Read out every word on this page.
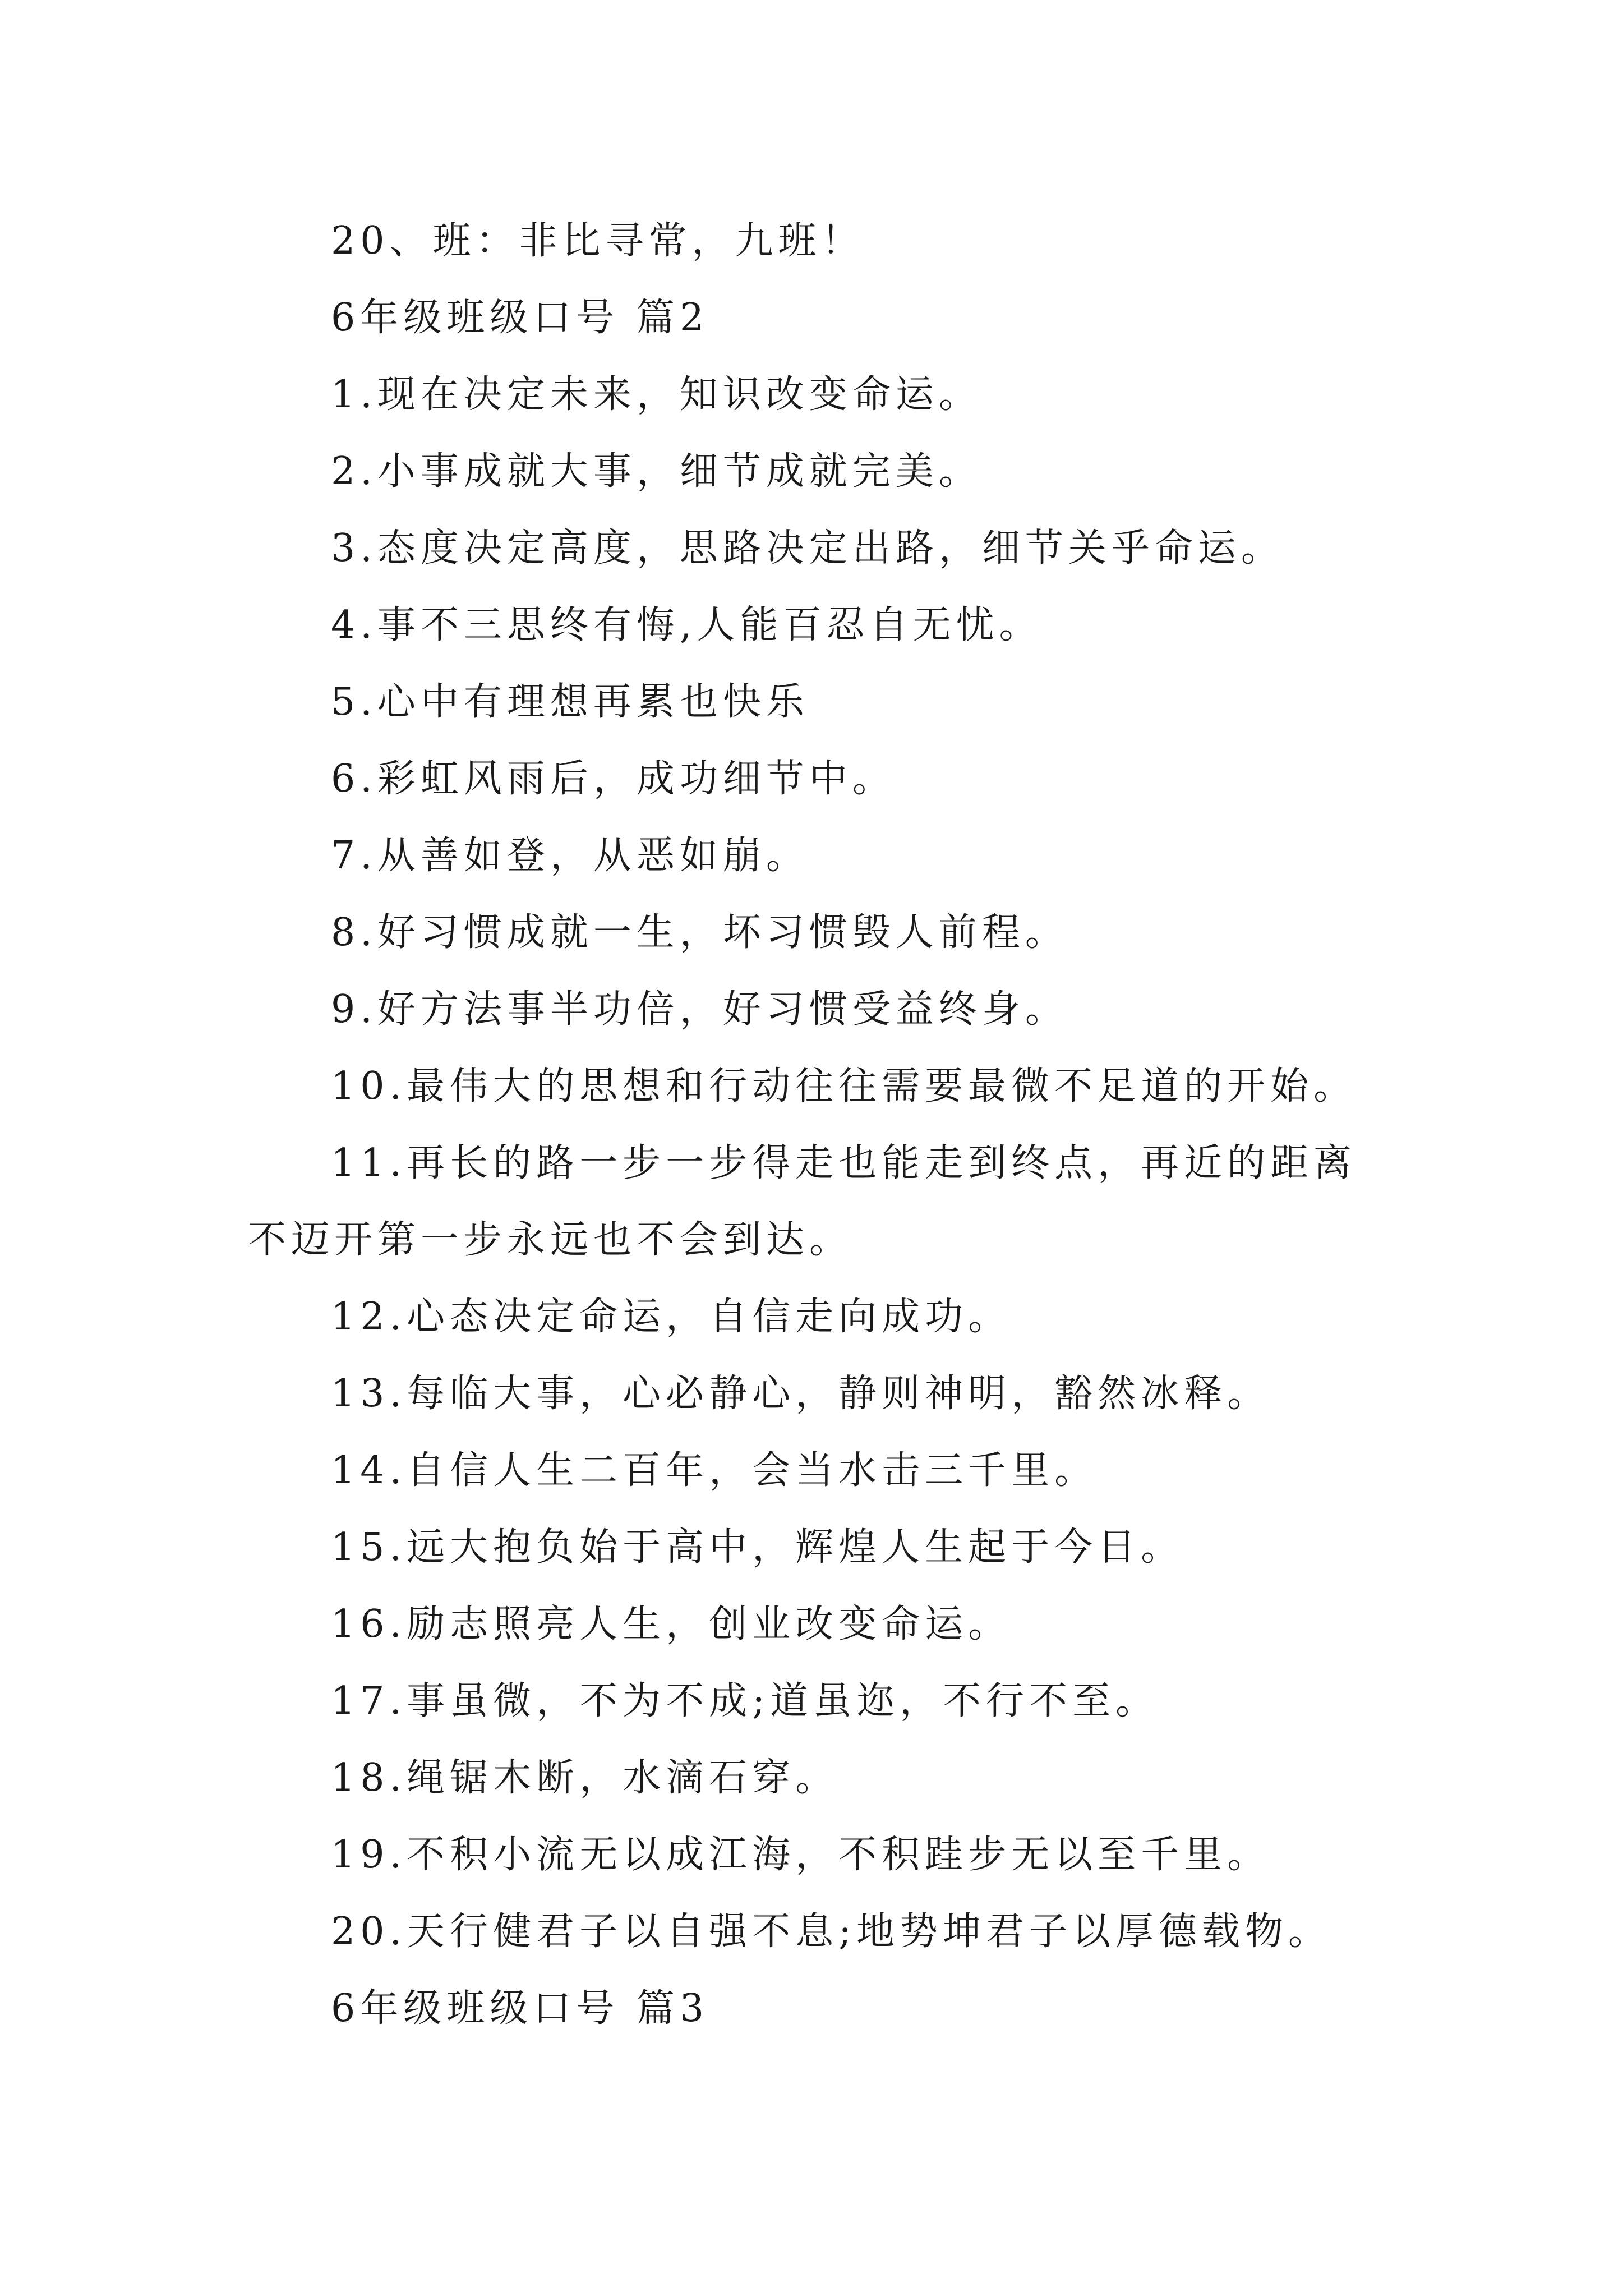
20、班：非比寻常，九班！
6年级班级口号 篇2
1.现在决定未来，知识改变命运。
2.小事成就大事，细节成就完美。
3.态度决定高度，思路决定出路，细节关乎命运。
4.事不三思终有悔,人能百忍自无忧。
5.心中有理想再累也快乐
6.彩虹风雨后，成功细节中。
7.从善如登，从恶如崩。
8.好习惯成就一生，坏习惯毁人前程。
9.好方法事半功倍，好习惯受益终身。
10.最伟大的思想和行动往往需要最微不足道的开始。
11.再长的路一步一步得走也能走到终点，再近的距离
不迈开第一步永远也不会到达。
12.心态决定命运，自信走向成功。
13.每临大事，心必静心，静则神明，豁然冰释。
14.自信人生二百年，会当水击三千里。
15.远大抱负始于高中，辉煌人生起于今日。
16.励志照亮人生，创业改变命运。
17.事虽微，不为不成;道虽迩，不行不至。
18.绳锯木断，水滴石穿。
19.不积小流无以成江海，不积跬步无以至千里。
20.天行健君子以自强不息;地势坤君子以厚德载物。
6年级班级口号 篇3
